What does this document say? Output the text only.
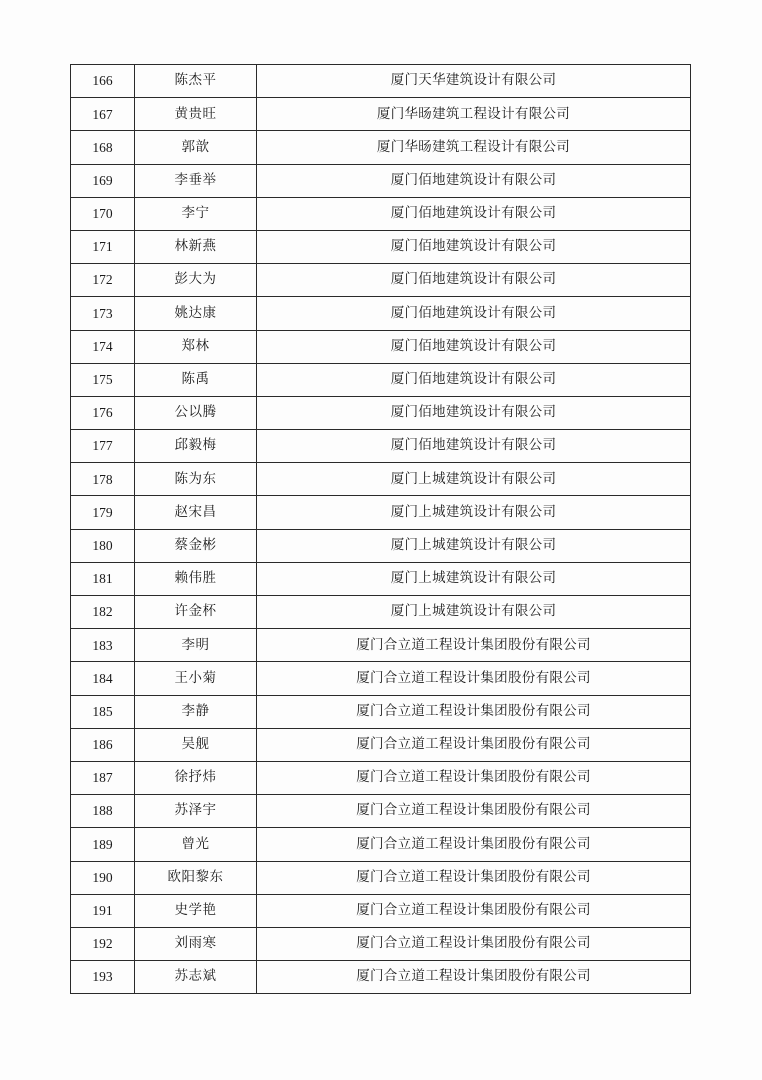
166	陈杰平	厦门天华建筑设计有限公司
167	黄贵旺	厦门华旸建筑工程设计有限公司
168	郭歆	厦门华旸建筑工程设计有限公司
169	李垂举	厦门佰地建筑设计有限公司
170	李宁	厦门佰地建筑设计有限公司
171	林新燕	厦门佰地建筑设计有限公司
172	彭大为	厦门佰地建筑设计有限公司
173	姚达康	厦门佰地建筑设计有限公司
174	郑林	厦门佰地建筑设计有限公司
175	陈禹	厦门佰地建筑设计有限公司
176	公以腾	厦门佰地建筑设计有限公司
177	邱毅梅	厦门佰地建筑设计有限公司
178	陈为东	厦门上城建筑设计有限公司
179	赵宋昌	厦门上城建筑设计有限公司
180	蔡金彬	厦门上城建筑设计有限公司
181	赖伟胜	厦门上城建筑设计有限公司
182	许金杯	厦门上城建筑设计有限公司
183	李明	厦门合立道工程设计集团股份有限公司
184	王小菊	厦门合立道工程设计集团股份有限公司
185	李静	厦门合立道工程设计集团股份有限公司
186	吴舰	厦门合立道工程设计集团股份有限公司
187	徐抒炜	厦门合立道工程设计集团股份有限公司
188	苏泽宇	厦门合立道工程设计集团股份有限公司
189	曾光	厦门合立道工程设计集团股份有限公司
190	欧阳黎东	厦门合立道工程设计集团股份有限公司
191	史学艳	厦门合立道工程设计集团股份有限公司
192	刘雨寒	厦门合立道工程设计集团股份有限公司
193	苏志斌	厦门合立道工程设计集团股份有限公司
